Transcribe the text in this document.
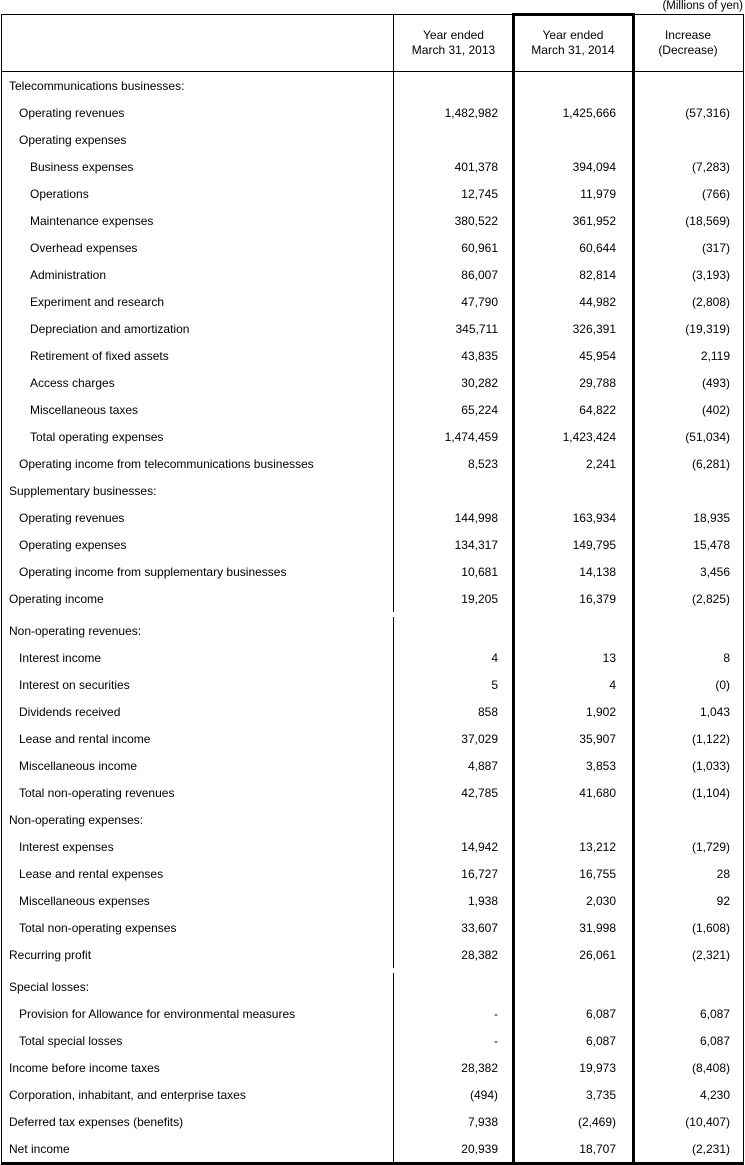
(Millions of yen)
Year ended
March 31, 2013
Year ended
March 31, 2014
Increase
(Decrease)
Telecommunications businesses:
Operating revenues	1,482,982	1,425,666	(57,316)
Operating expenses
Business expenses	401,378	394,094	(7,283)
Operations	12,745	11,979	(766)
Maintenance expenses	380,522	361,952	(18,569)
Overhead expenses	60,961	60,644	(317)
Administration	86,007	82,814	(3,193)
Experiment and research	47,790	44,982	(2,808)
Depreciation and amortization	345,711	326,391	(19,319)
Retirement of fixed assets	43,835	45,954	2,119
Access charges	30,282	29,788	(493)
Miscellaneous taxes	65,224	64,822	(402)
Total operating expenses	1,474,459	1,423,424	(51,034)
Operating income from telecommunications businesses	8,523	2,241	(6,281)
Supplementary businesses:
Operating revenues	144,998	163,934	18,935
Operating expenses	134,317	149,795	15,478
Operating income from supplementary businesses	10,681	14,138	3,456
Operating income	19,205	16,379	(2,825)
Non-operating revenues:
Interest income	4	13	8
Interest on securities	5	4	(0)
Dividends received	858	1,902	1,043
Lease and rental income	37,029	35,907	(1,122)
Miscellaneous income	4,887	3,853	(1,033)
Total non-operating revenues	42,785	41,680	(1,104)
Non-operating expenses:
Interest expenses	14,942	13,212	(1,729)
Lease and rental expenses	16,727	16,755	28
Miscellaneous expenses	1,938	2,030	92
Total non-operating expenses	33,607	31,998	(1,608)
Recurring profit	28,382	26,061	(2,321)
Special losses:
Provision for Allowance for environmental measures	-	6,087	6,087
Total special losses	-	6,087	6,087
Income before income taxes	28,382	19,973	(8,408)
Corporation, inhabitant, and enterprise taxes	(494)	3,735	4,230
Deferred tax expenses (benefits)	7,938	(2,469)	(10,407)
Net income	20,939	18,707	(2,231)
